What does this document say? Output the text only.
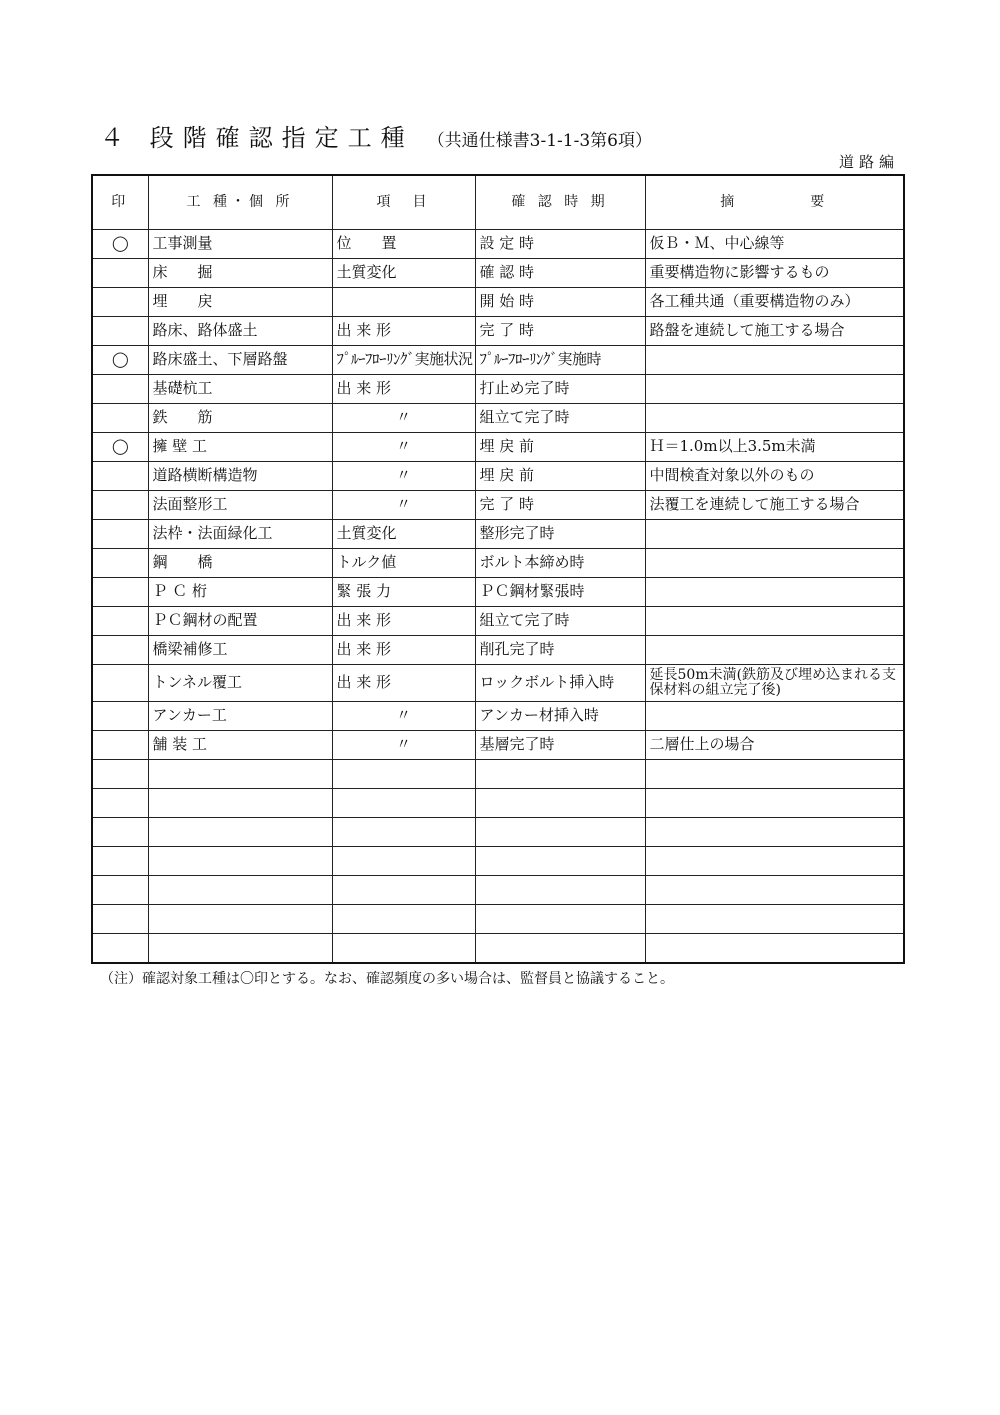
４ 段階確認指定工種 （共通仕様書3-1-1-3第6項）
道路編
印	工 種・個 所	項　目	確 認 時 期	摘　　　　要
◯	工事測量	位　　置	設 定 時	仮Ｂ・Ｍ、中心線等
	床　　掘	土質変化	確 認 時	重要構造物に影響するもの
	埋　　戻		開 始 時	各工種共通（重要構造物のみ）
	路床、路体盛土	出 来 形	完 了 時	路盤を連続して施工する場合
◯	路床盛土、下層路盤	ﾌﾟﾙｰﾌﾛｰﾘﾝｸﾞ実施状況	ﾌﾟﾙｰﾌﾛｰﾘﾝｸﾞ実施時	
	基礎杭工	出 来 形	打止め完了時	
	鉄　　筋	〃	組立て完了時	
◯	擁 壁 工	〃	埋 戻 前	Ｈ＝1.0m以上3.5m未満
	道路横断構造物	〃	埋 戻 前	中間検査対象以外のもの
	法面整形工	〃	完 了 時	法覆工を連続して施工する場合
	法枠・法面緑化工	土質変化	整形完了時	
	鋼　　橋	トルク値	ボルト本締め時	
	Ｐ Ｃ 桁	緊 張 力	ＰＣ鋼材緊張時	
	ＰＣ鋼材の配置	出 来 形	組立て完了時	
	橋梁補修工	出 来 形	削孔完了時	
	トンネル覆工	出 来 形	ロックボルト挿入時	延長50m未満(鉄筋及び埋め込まれる支保材料の組立完了後)
	アンカー工	〃	アンカー材挿入時	
	舗 装 工	〃	基層完了時	二層仕上の場合

（注）確認対象工種は〇印とする。なお、確認頻度の多い場合は、監督員と協議すること。
